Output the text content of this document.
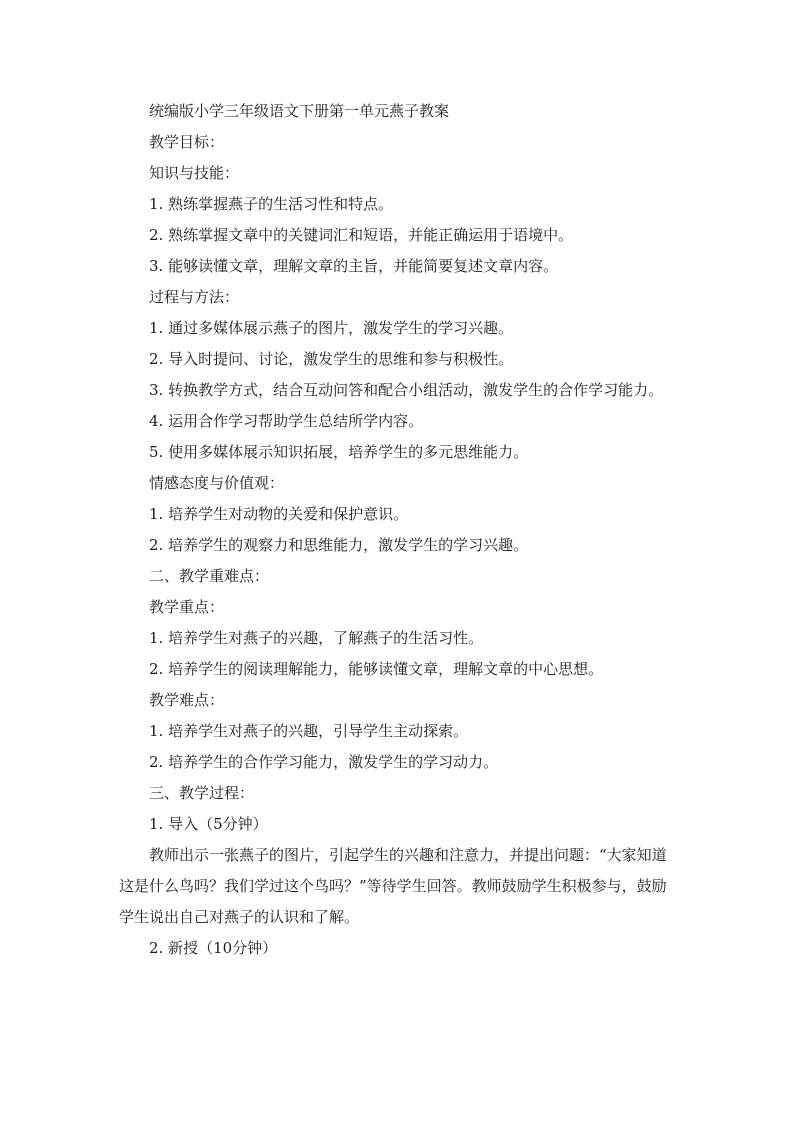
统编版小学三年级语文下册第一单元燕子教案

教学目标：

知识与技能：

1. 熟练掌握燕子的生活习性和特点。

2. 熟练掌握文章中的关键词汇和短语，并能正确运用于语境中。

3. 能够读懂文章，理解文章的主旨，并能简要复述文章内容。

过程与方法：

1. 通过多媒体展示燕子的图片，激发学生的学习兴趣。

2. 导入时提问、讨论，激发学生的思维和参与积极性。

3. 转换教学方式，结合互动问答和配合小组活动，激发学生的合作学习能力。

4. 运用合作学习帮助学生总结所学内容。

5. 使用多媒体展示知识拓展，培养学生的多元思维能力。

情感态度与价值观：

1. 培养学生对动物的关爱和保护意识。

2. 培养学生的观察力和思维能力，激发学生的学习兴趣。

二、教学重难点：

教学重点：

1. 培养学生对燕子的兴趣，了解燕子的生活习性。

2. 培养学生的阅读理解能力，能够读懂文章，理解文章的中心思想。

教学难点：

1. 培养学生对燕子的兴趣，引导学生主动探索。

2. 培养学生的合作学习能力，激发学生的学习动力。

三、教学过程：

1. 导入（5分钟）

教师出示一张燕子的图片，引起学生的兴趣和注意力，并提出问题：“大家知道这是什么鸟吗？我们学过这个鸟吗？”等待学生回答。教师鼓励学生积极参与，鼓励学生说出自己对燕子的认识和了解。

2. 新授（10分钟）
